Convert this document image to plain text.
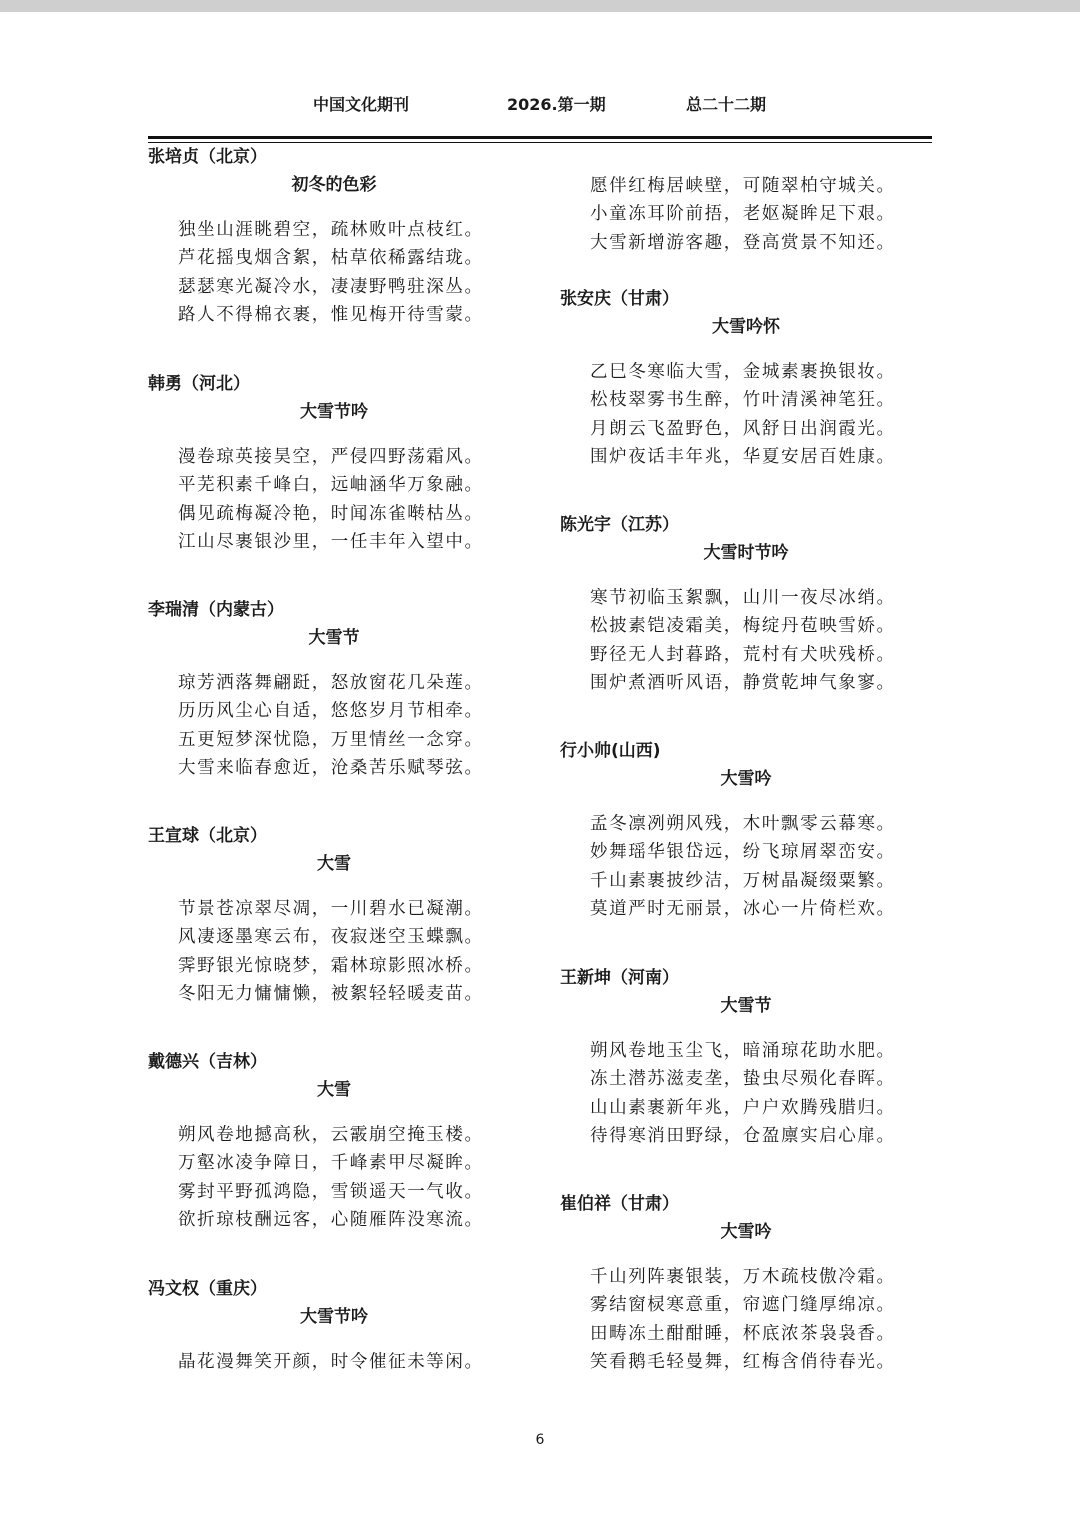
中国文化期刊	2026.第一期	总二十二期
张培贞（北京）
初冬的色彩
独坐山涯眺碧空，疏林败叶点枝红。
芦花摇曳烟含絮，枯草依稀露结珑。
瑟瑟寒光凝冷水，凄凄野鸭驻深丛。
路人不得棉衣裹，惟见梅开待雪蒙。
韩勇（河北）
大雪节吟
漫卷琼英接昊空，严侵四野荡霜风。
平芜积素千峰白，远岫涵华万象融。
偶见疏梅凝冷艳，时闻冻雀啭枯丛。
江山尽裹银沙里，一任丰年入望中。
李瑞清（内蒙古）
大雪节
琼芳洒落舞翩跹，怒放窗花几朵莲。
历历风尘心自适，悠悠岁月节相牵。
五更短梦深忧隐，万里情丝一念穿。
大雪来临春愈近，沧桑苦乐赋琴弦。
王宣球（北京）
大雪
节景苍凉翠尽凋，一川碧水已凝潮。
风凄逐墨寒云布，夜寂迷空玉蝶飘。
霁野银光惊晓梦，霜林琼影照冰桥。
冬阳无力慵慵懒，被絮轻轻暖麦苗。
戴德兴（吉林）
大雪
朔风卷地撼高秋，云霰崩空掩玉楼。
万壑冰凌争障日，千峰素甲尽凝眸。
雾封平野孤鸿隐，雪锁遥天一气收。
欲折琼枝酬远客，心随雁阵没寒流。
冯文权（重庆）
大雪节吟
晶花漫舞笑开颜，时令催征未等闲。
愿伴红梅居峡壁，可随翠柏守城关。
小童冻耳阶前捂，老妪凝眸足下艰。
大雪新增游客趣，登高赏景不知还。
张安庆（甘肃）
大雪吟怀
乙巳冬寒临大雪，金城素裹换银妆。
松枝翠雾书生醉，竹叶清溪神笔狂。
月朗云飞盈野色，风舒日出润霞光。
围炉夜话丰年兆，华夏安居百姓康。
陈光宇（江苏）
大雪时节吟
寒节初临玉絮飘，山川一夜尽冰绡。
松披素铠凌霜美，梅绽丹苞映雪娇。
野径无人封暮路，荒村有犬吠残桥。
围炉煮酒听风语，静赏乾坤气象寥。
行小帅(山西)
大雪吟
孟冬凛冽朔风残，木叶飘零云幕寒。
妙舞瑶华银岱远，纷飞琼屑翠峦安。
千山素裹披纱洁，万树晶凝缀粟繁。
莫道严时无丽景，冰心一片倚栏欢。
王新坤（河南）
大雪节
朔风卷地玉尘飞，暗涌琼花助水肥。
冻土潜苏滋麦垄，蛰虫尽殒化春晖。
山山素裹新年兆，户户欢腾残腊归。
待得寒消田野绿，仓盈廪实启心扉。
崔伯祥（甘肃）
大雪吟
千山列阵裹银装，万木疏枝傲冷霜。
雾结窗棂寒意重，帘遮门缝厚绵凉。
田畴冻土酣酣睡，杯底浓茶袅袅香。
笑看鹅毛轻曼舞，红梅含俏待春光。
6
